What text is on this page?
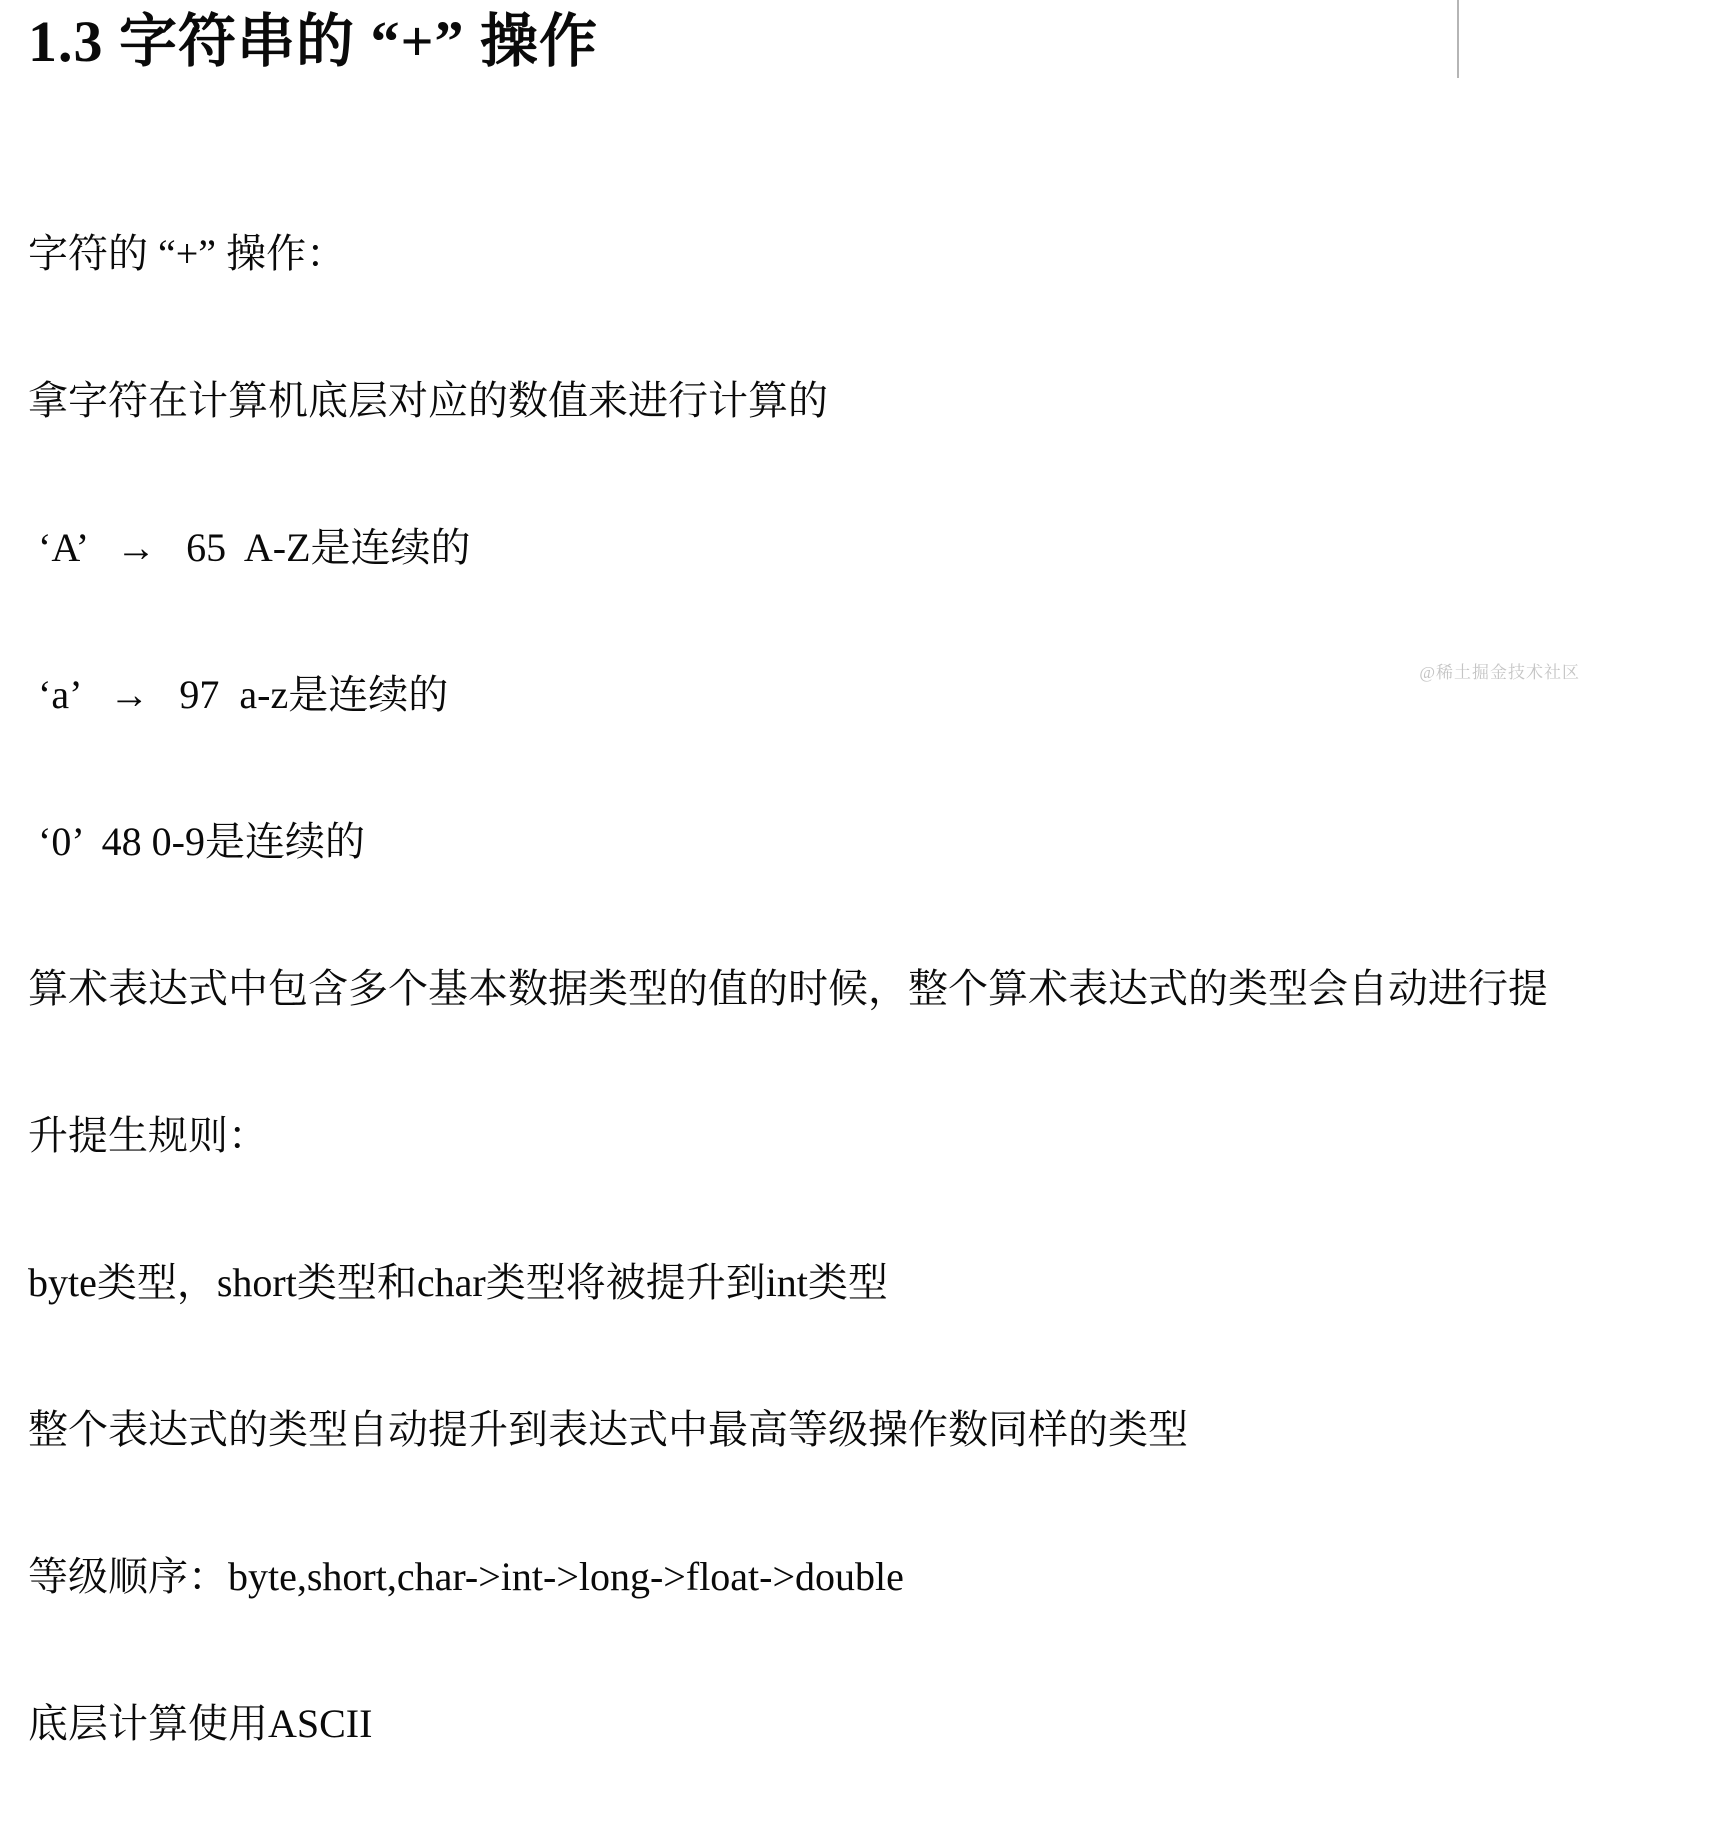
1.3 字符串的 “+” 操作

字符的 “+” 操作：

拿字符在计算机底层对应的数值来进行计算的

‘A’   →   65  A-Z是连续的

‘a’   →   97  a-z是连续的

‘0’  48 0-9是连续的

算术表达式中包含多个基本数据类型的值的时候，整个算术表达式的类型会自动进行提

升提生规则：

byte类型，short类型和char类型将被提升到int类型

整个表达式的类型自动提升到表达式中最高等级操作数同样的类型

等级顺序：byte,short,char->int->long->float->double

底层计算使用ASCII

@稀土掘金技术社区
